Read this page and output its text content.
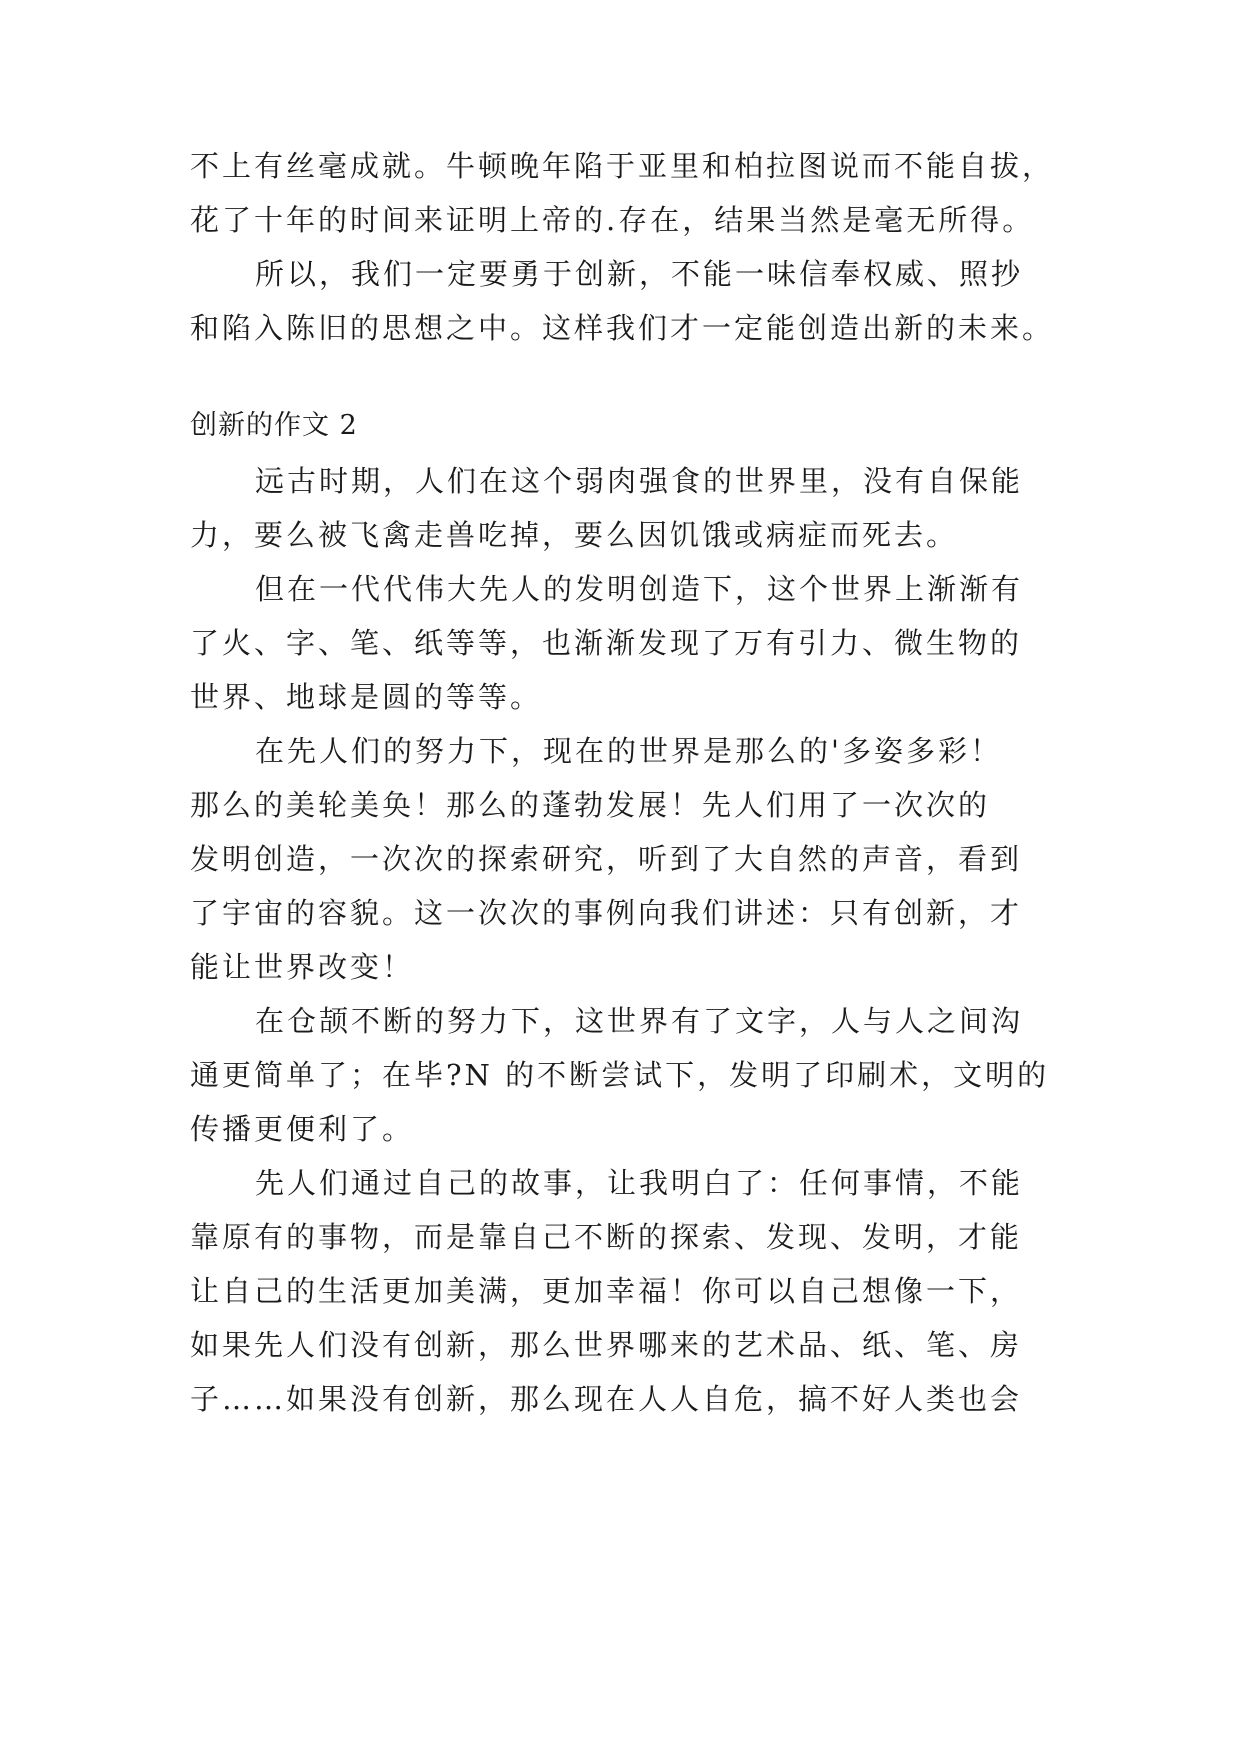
不上有丝毫成就。牛顿晚年陷于亚里和柏拉图说而不能自拔，

花了十年的时间来证明上帝的.存在，结果当然是毫无所得。

所以，我们一定要勇于创新，不能一味信奉权威、照抄

和陷入陈旧的思想之中。这样我们才一定能创造出新的未来。

创新的作文 2

远古时期，人们在这个弱肉强食的世界里，没有自保能

力，要么被飞禽走兽吃掉，要么因饥饿或病症而死去。

但在一代代伟大先人的发明创造下，这个世界上渐渐有

了火、字、笔、纸等等，也渐渐发现了万有引力、微生物的

世界、地球是圆的等等。

在先人们的努力下，现在的世界是那么的'多姿多彩！

那么的美轮美奂！那么的蓬勃发展！先人们用了一次次的

发明创造，一次次的探索研究，听到了大自然的声音，看到

了宇宙的容貌。这一次次的事例向我们讲述：只有创新，才

能让世界改变！

在仓颉不断的努力下，这世界有了文字，人与人之间沟

通更简单了；在毕?N 的不断尝试下，发明了印刷术，文明的

传播更便利了。

先人们通过自己的故事，让我明白了：任何事情，不能

靠原有的事物，而是靠自己不断的探索、发现、发明，才能

让自己的生活更加美满，更加幸福！你可以自己想像一下，

如果先人们没有创新，那么世界哪来的艺术品、纸、笔、房

子……如果没有创新，那么现在人人自危，搞不好人类也会
